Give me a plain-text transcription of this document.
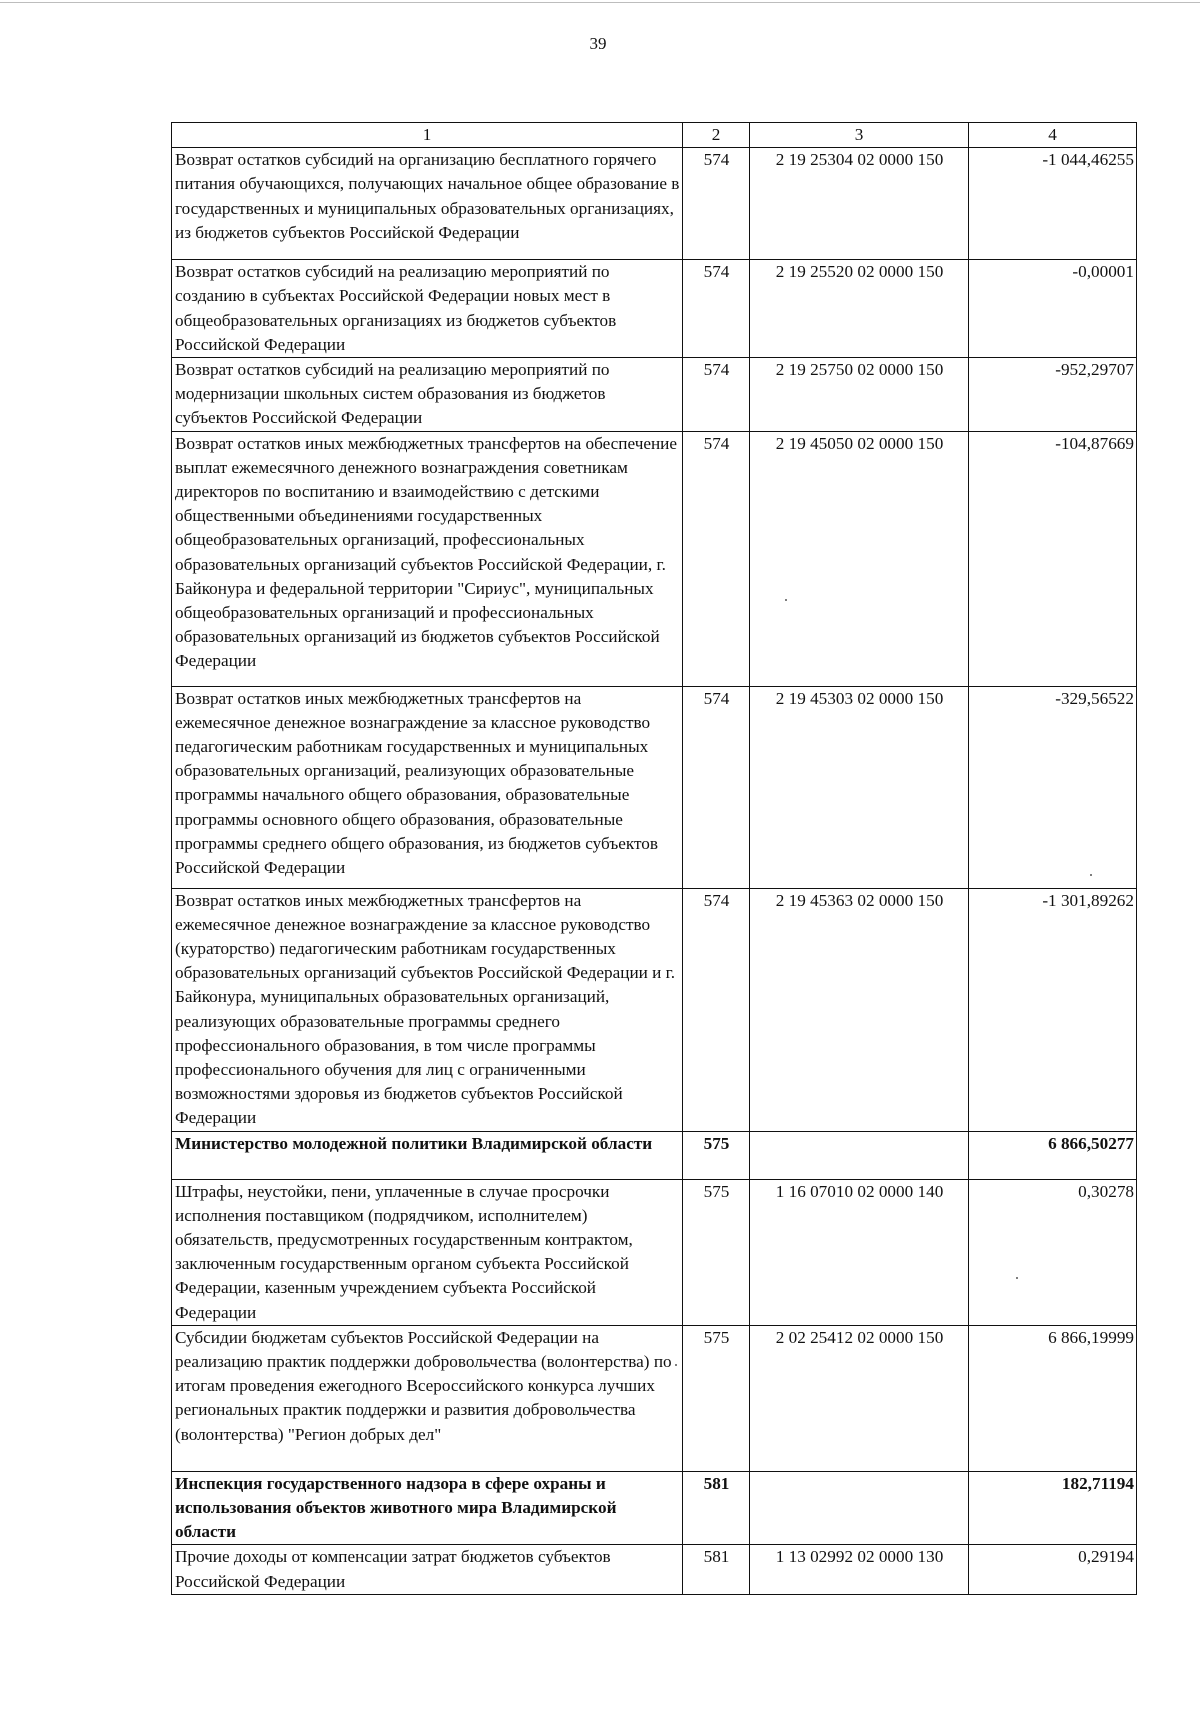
39
1	2	3	4
Возврат остатков субсидий на организацию бесплатного горячего питания обучающихся, получающих начальное общее образование в государственных и муниципальных образовательных организациях, из бюджетов субъектов Российской Федерации	574	2 19 25304 02 0000 150	-1 044,46255
Возврат остатков субсидий на реализацию мероприятий по созданию в субъектах Российской Федерации новых мест в общеобразовательных организациях из бюджетов субъектов Российской Федерации	574	2 19 25520 02 0000 150	-0,00001
Возврат остатков субсидий на реализацию мероприятий по модернизации школьных систем образования из бюджетов субъектов Российской Федерации	574	2 19 25750 02 0000 150	-952,29707
Возврат остатков иных межбюджетных трансфертов на обеспечение выплат ежемесячного денежного вознаграждения советникам директоров по воспитанию и взаимодействию с детскими общественными объединениями государственных общеобразовательных организаций, профессиональных образовательных организаций субъектов Российской Федерации, г. Байконура и федеральной территории "Сириус", муниципальных общеобразовательных организаций и профессиональных образовательных организаций из бюджетов субъектов Российской Федерации	574	2 19 45050 02 0000 150	-104,87669
Возврат остатков иных межбюджетных трансфертов на ежемесячное денежное вознаграждение за классное руководство педагогическим работникам государственных и муниципальных образовательных организаций, реализующих образовательные программы начального общего образования, образовательные программы основного общего образования, образовательные программы среднего общего образования, из бюджетов субъектов Российской Федерации	574	2 19 45303 02 0000 150	-329,56522
Возврат остатков иных межбюджетных трансфертов на ежемесячное денежное вознаграждение за классное руководство (кураторство) педагогическим работникам государственных образовательных организаций субъектов Российской Федерации и г. Байконура, муниципальных образовательных организаций, реализующих образовательные программы среднего профессионального образования, в том числе программы профессионального обучения для лиц с ограниченными возможностями здоровья из бюджетов субъектов Российской Федерации	574	2 19 45363 02 0000 150	-1 301,89262
Министерство молодежной политики Владимирской области	575		6 866,50277
Штрафы, неустойки, пени, уплаченные в случае просрочки исполнения поставщиком (подрядчиком, исполнителем) обязательств, предусмотренных государственным контрактом, заключенным государственным органом субъекта Российской Федерации, казенным учреждением субъекта Российской Федерации	575	1 16 07010 02 0000 140	0,30278
Субсидии бюджетам субъектов Российской Федерации на реализацию практик поддержки добровольчества (волонтерства) по итогам проведения ежегодного Всероссийского конкурса лучших региональных практик поддержки и развития добровольчества (волонтерства) "Регион добрых дел"	575	2 02 25412 02 0000 150	6 866,19999
Инспекция государственного надзора в сфере охраны и использования объектов животного мира Владимирской области	581		182,71194
Прочие доходы от компенсации затрат бюджетов субъектов Российской Федерации	581	1 13 02992 02 0000 130	0,29194
